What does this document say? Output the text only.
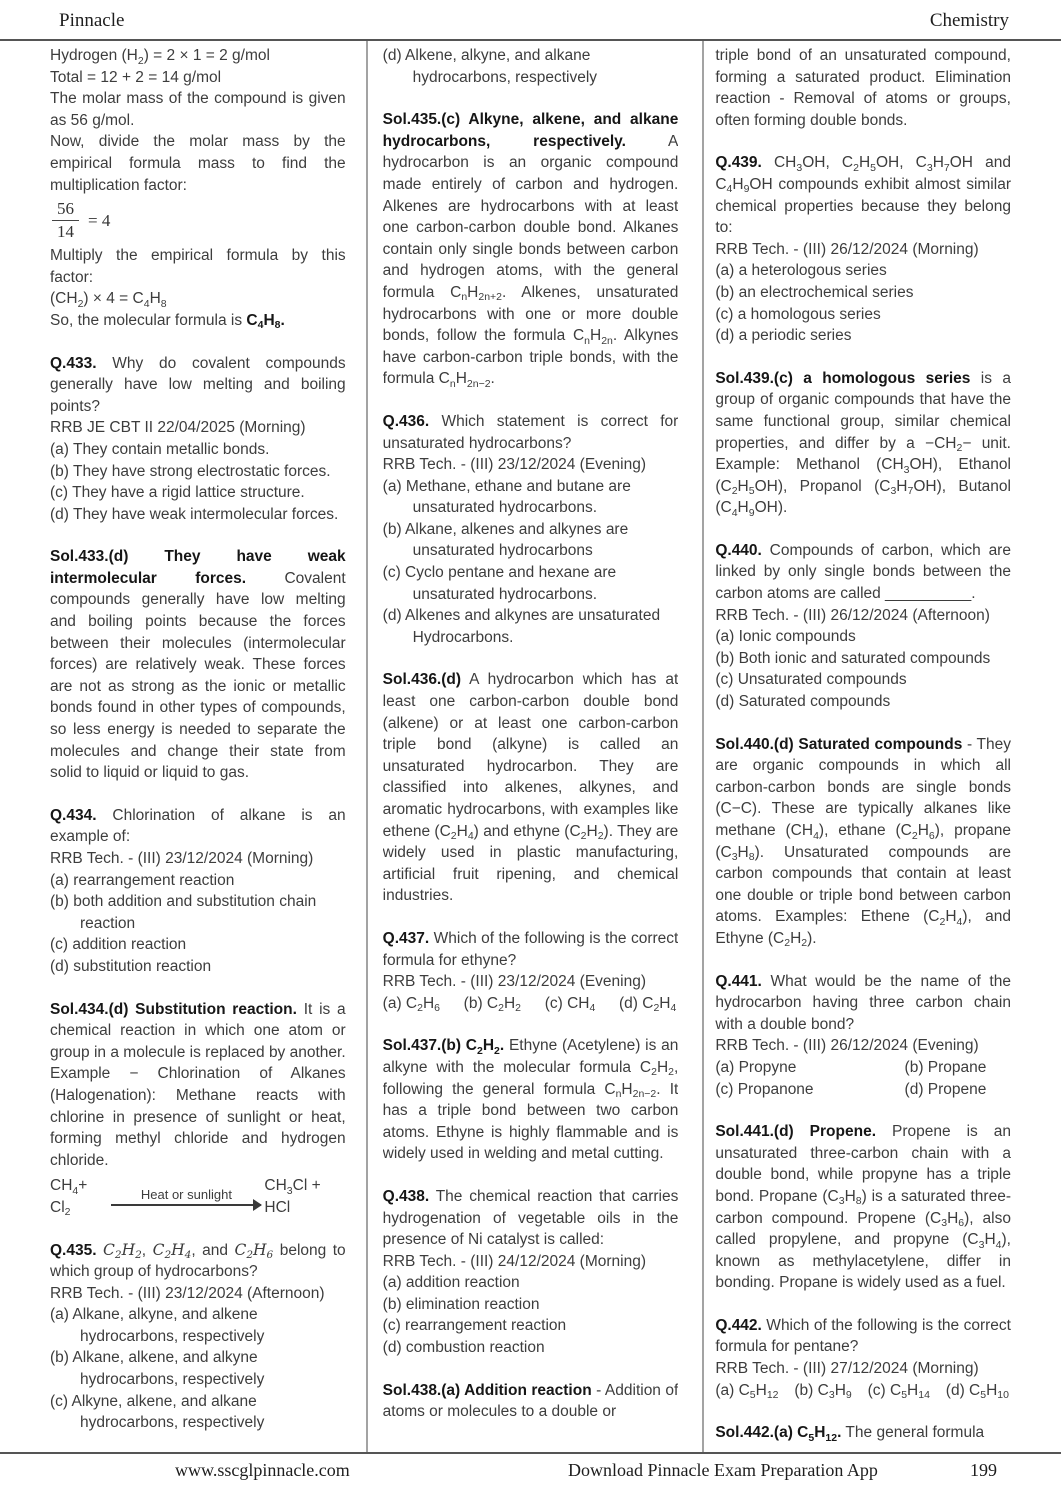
Pinnacle	Chemistry
Hydrogen $(H_2) = 2 \times 1 = 2$ g/mol
Total = 12 + 2 = 14 g/mol
The molar mass of the compound is given as 56 g/mol.
Now, divide the molar mass by the empirical formula mass to find the multiplication factor:
$\frac{56}{14} = 4$
Multiply the empirical formula by this factor:
$(CH_2) \times 4 = C_4H_8$
So, the molecular formula is $C_4H_8$.
Q.433. Why do covalent compounds generally have low melting and boiling points?
RRB JE CBT II 22/04/2025 (Morning)
(a) They contain metallic bonds.
(b) They have strong electrostatic forces.
(c) They have a rigid lattice structure.
(d) They have weak intermolecular forces.
Sol.433.(d) They have weak intermolecular forces. Covalent compounds generally have low melting and boiling points because the forces between their molecules (intermolecular forces) are relatively weak. These forces are not as strong as the ionic or metallic bonds found in other types of compounds, so less energy is needed to separate the molecules and change their state from solid to liquid or liquid to gas.
Q.434. Chlorination of alkane is an example of:
RRB Tech. - (III) 23/12/2024 (Morning)
(a) rearrangement reaction
(b) both addition and substitution chain reaction
(c) addition reaction
(d) substitution reaction
Sol.434.(d) Substitution reaction. It is a chemical reaction in which one atom or group in a molecule is replaced by another. Example − Chlorination of Alkanes (Halogenation): Methane reacts with chlorine in presence of sunlight or heat, forming methyl chloride and hydrogen chloride.
$CH_4+ Cl_2$
Heat or sunlight
$CH_3Cl$ + HCl
Q.435. $C_2H_2$, $C_2H_4$, and $C_2H_6$ belong to which group of hydrocarbons?
RRB Tech. - (III) 23/12/2024 (Afternoon)
(a) Alkane, alkyne, and alkene hydrocarbons, respectively
(b) Alkane, alkene, and alkyne hydrocarbons, respectively
(c) Alkyne, alkene, and alkane hydrocarbons, respectively
(d) Alkene, alkyne, and alkane hydrocarbons, respectively
Sol.435.(c) Alkyne, alkene, and alkane hydrocarbons, respectively. A hydrocarbon is an organic compound made entirely of carbon and hydrogen. Alkenes are hydrocarbons with at least one carbon-carbon double bond. Alkanes contain only single bonds between carbon and hydrogen atoms, with the general formula $C_nH_{2n+2}$. Alkenes, unsaturated hydrocarbons with one or more double bonds, follow the formula $C_nH_{2n}$. Alkynes have carbon-carbon triple bonds, with the formula $C_nH_{2n-2}$.
Q.436. Which statement is correct for unsaturated hydrocarbons?
RRB Tech. - (III) 23/12/2024 (Evening)
(a) Methane, ethane and butane are unsaturated hydrocarbons.
(b) Alkane, alkenes and alkynes are unsaturated hydrocarbons
(c) Cyclo pentane and hexane are unsaturated hydrocarbons.
(d) Alkenes and alkynes are unsaturated Hydrocarbons.
Sol.436.(d) A hydrocarbon which has at least one carbon-carbon double bond (alkene) or at least one carbon-carbon triple bond (alkyne) is called an unsaturated hydrocarbon. They are classified into alkenes, alkynes, and aromatic hydrocarbons, with examples like ethene $(C_2H_4)$ and ethyne $(C_2H_2)$. They are widely used in plastic manufacturing, artificial fruit ripening, and chemical industries.
Q.437. Which of the following is the correct formula for ethyne?
RRB Tech. - (III) 23/12/2024 (Evening)
(a) $C_2H_6$ (b) $C_2H_2$ (c) $CH_4$ (d) $C_2H_4$
Sol.437.(b) $C_2H_2$. Ethyne (Acetylene) is an alkyne with the molecular formula $C_2H_2$, following the general formula $C_nH_{2n-2}$. It has a triple bond between two carbon atoms. Ethyne is highly flammable and is widely used in welding and metal cutting.
Q.438. The chemical reaction that carries hydrogenation of vegetable oils in the presence of Ni catalyst is called:
RRB Tech. - (III) 24/12/2024 (Morning)
(a) addition reaction
(b) elimination reaction
(c) rearrangement reaction
(d) combustion reaction
Sol.438.(a) Addition reaction - Addition of atoms or molecules to a double or
triple bond of an unsaturated compound, forming a saturated product. Elimination reaction - Removal of atoms or groups, often forming double bonds.
Q.439. $CH_3OH$, $C_2H_5OH$, $C_3H_7OH$ and $C_4H_9OH$ compounds exhibit almost similar chemical properties because they belong to:
RRB Tech. - (III) 26/12/2024 (Morning)
(a) a heterologous series
(b) an electrochemical series
(c) a homologous series
(d) a periodic series
Sol.439.(c) a homologous series is a group of organic compounds that have the same functional group, similar chemical properties, and differ by $a -CH_2-$ unit. Example: Methanol $(CH_3OH)$, Ethanol $(C_2H_5OH)$, Propanol $(C_3H_7OH)$, Butanol $(C_4H_9OH)$.
Q.440. Compounds of carbon, which are linked by only single bonds between the carbon atoms are called __________.
RRB Tech. - (III) 26/12/2024 (Afternoon)
(a) Ionic compounds
(b) Both ionic and saturated compounds
(c) Unsaturated compounds
(d) Saturated compounds
Sol.440.(d) Saturated compounds - They are organic compounds in which all carbon-carbon bonds are single bonds (C−C). These are typically alkanes like methane $(CH_4)$, ethane $(C_2H_6)$, propane $(C_3H_8)$. Unsaturated compounds are carbon compounds that contain at least one double or triple bond between carbon atoms. Examples: Ethene $(C_2H_4)$, and Ethyne $(C_2H_2)$.
Q.441. What would be the name of the hydrocarbon having three carbon chain with a double bond?
RRB Tech. - (III) 26/12/2024 (Evening)
(a) Propyne	(b) Propane
(c) Propanone	(d) Propene
Sol.441.(d) Propene. Propene is an unsaturated three-carbon chain with a double bond, while propyne has a triple bond. Propane $(C_3H_8)$ is a saturated three-carbon compound. Propene $(C_3H_6)$, also called propylene, and propyne $(C_3H_4)$, known as methylacetylene, differ in bonding. Propane is widely used as a fuel.
Q.442. Which of the following is the correct formula for pentane?
RRB Tech. - (III) 27/12/2024 (Morning)
(a) $C_5H_{12}$ (b) $C_3H_9$ (c) $C_5H_{14}$ (d) $C_5H_{10}$
Sol.442.(a) $C_5H_{12}$. The general formula
www.sscglpinnacle.com	Download Pinnacle Exam Preparation App	199
